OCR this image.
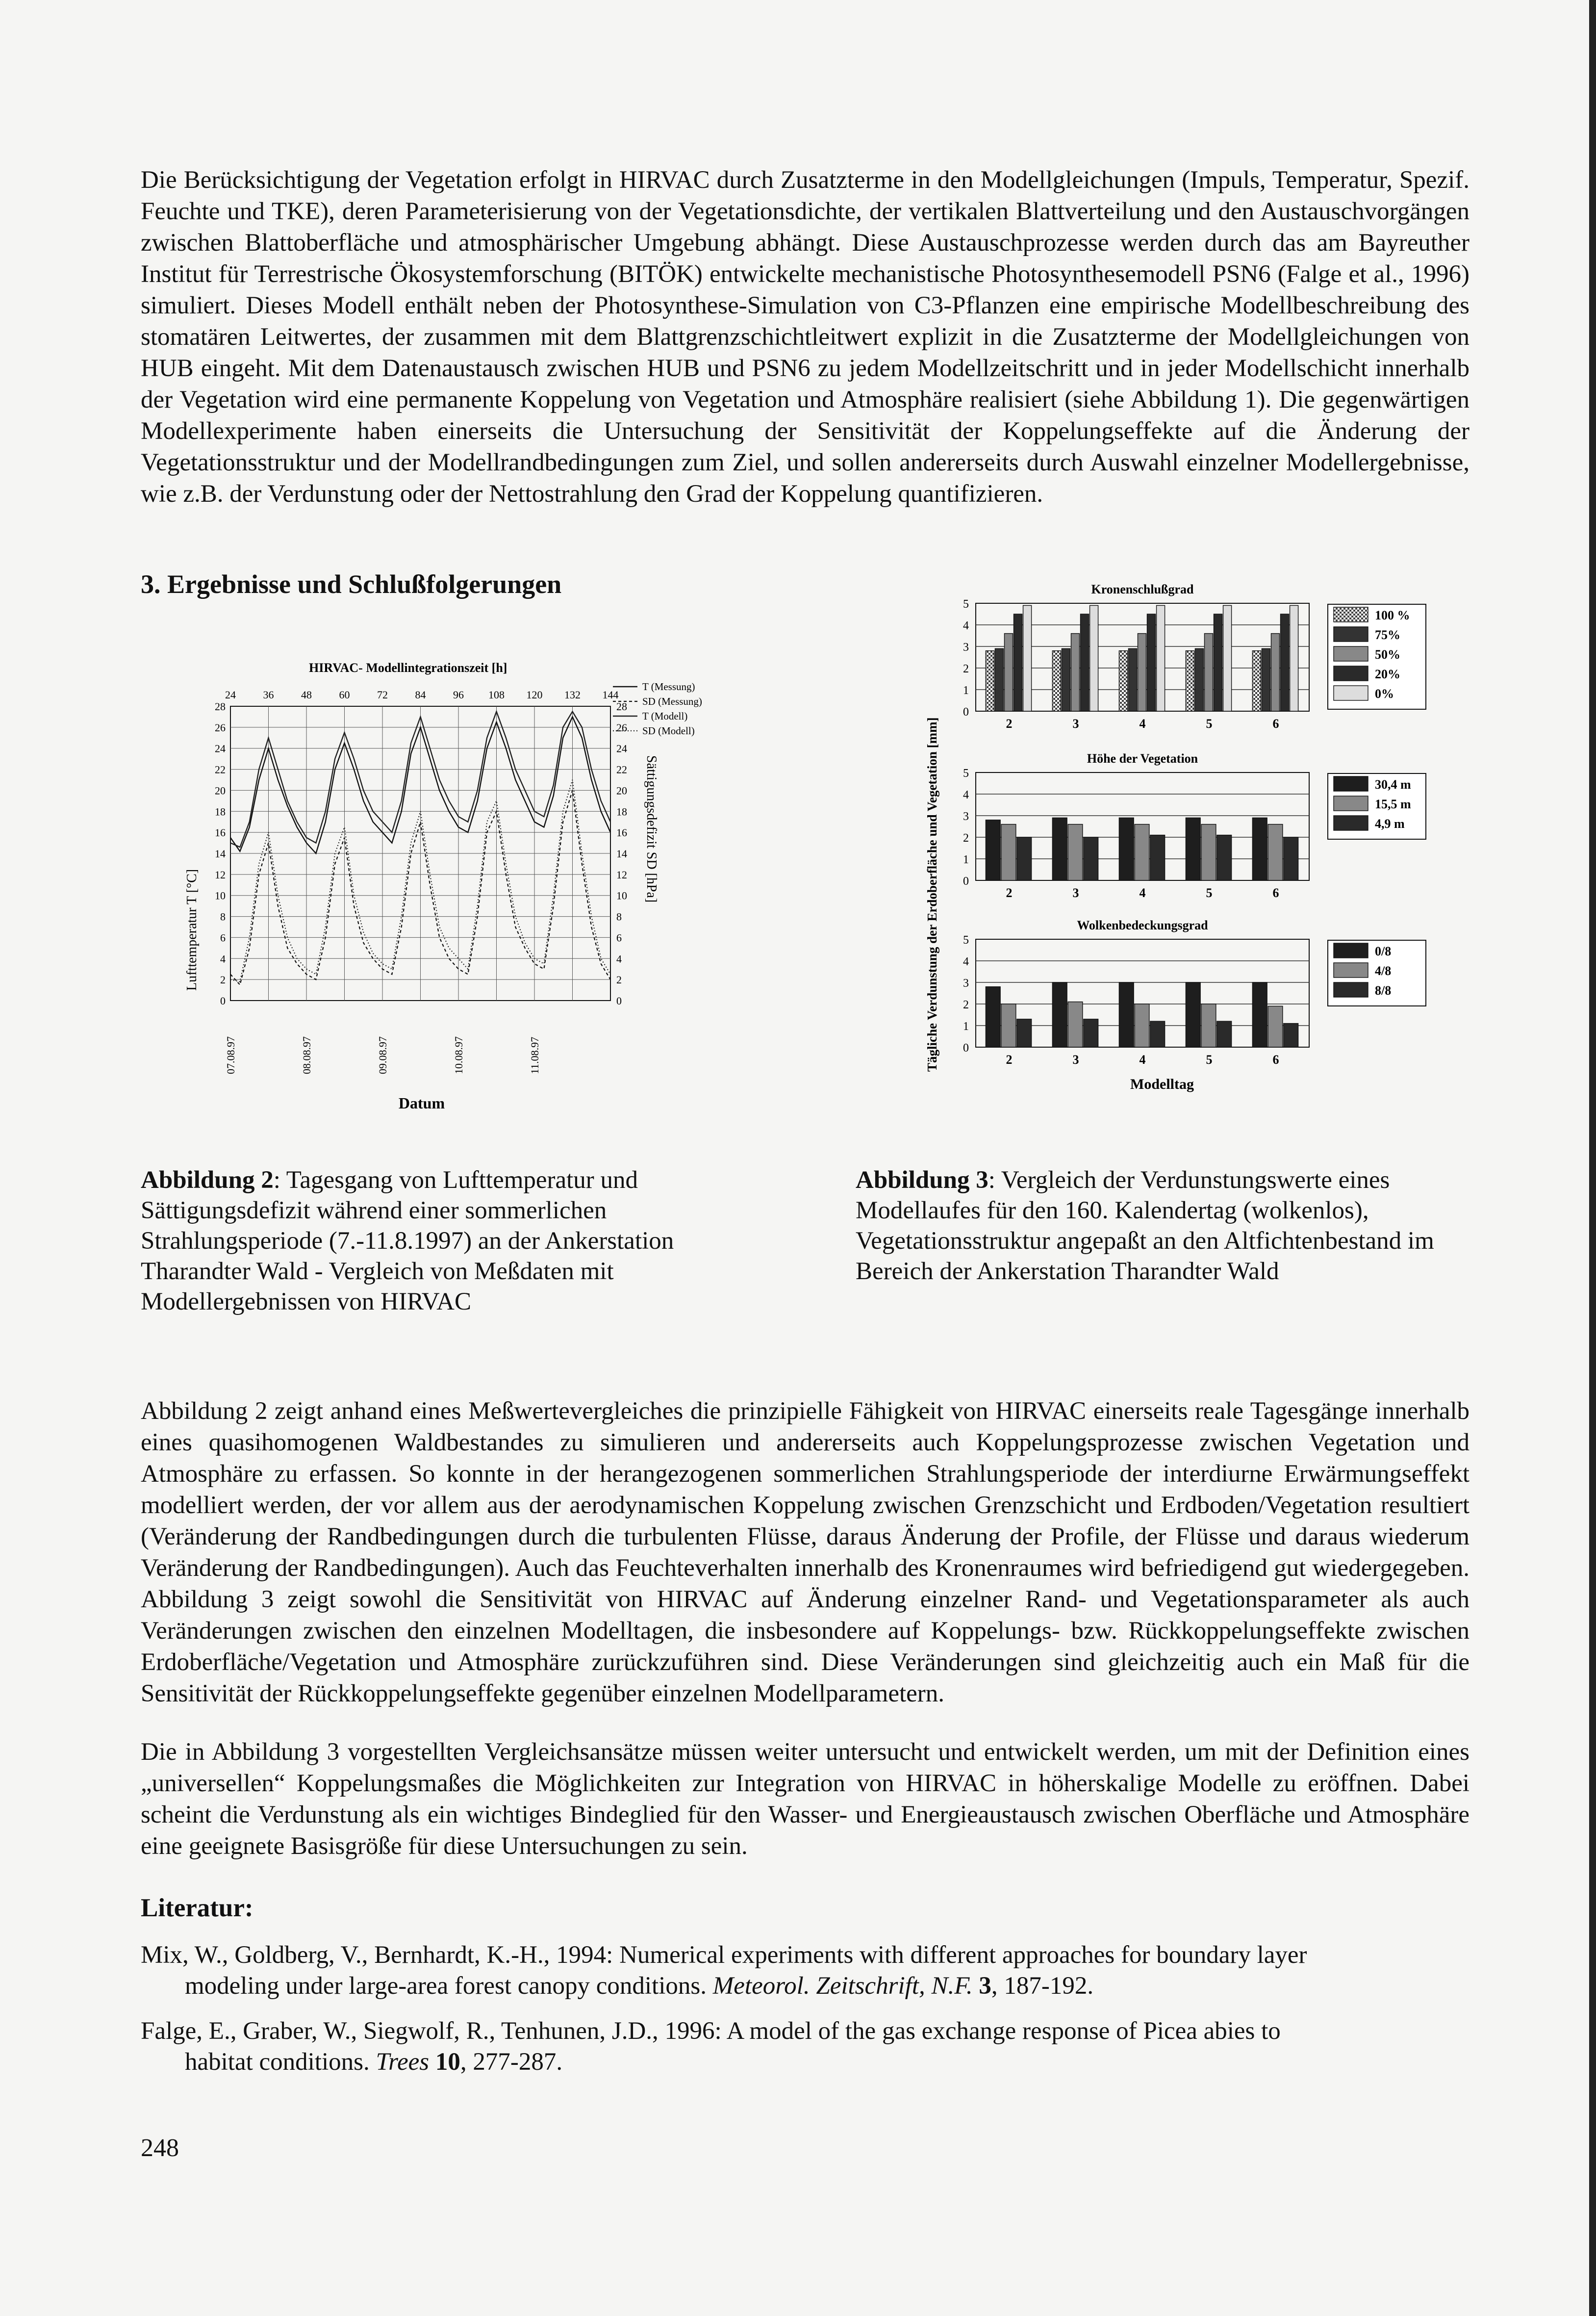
Die Berücksichtigung der Vegetation erfolgt in HIRVAC durch Zusatzterme in den Modellgleichungen (Impuls, Temperatur, Spezif. Feuchte und TKE), deren Parameterisierung von der Vegetationsdichte, der vertikalen Blattverteilung und den Austauschvorgängen zwischen Blattoberfläche und atmosphärischer Umgebung abhängt. Diese Austauschprozesse werden durch das am Bayreuther Institut für Terrestrische Ökosystemforschung (BITÖK) entwickelte mechanistische Photosynthesemodell PSN6 (Falge et al., 1996) simuliert. Dieses Modell enthält neben der Photosynthese-Simulation von C3-Pflanzen eine empirische Modellbeschreibung des stomatären Leitwertes, der zusammen mit dem Blattgrenzschichtleitwert explizit in die Zusatzterme der Modellgleichungen von HUB eingeht. Mit dem Datenaustausch zwischen HUB und PSN6 zu jedem Modellzeitschritt und in jeder Modellschicht innerhalb der Vegetation wird eine permanente Koppelung von Vegetation und Atmosphäre realisiert (siehe Abbildung 1). Die gegenwärtigen Modellexperimente haben einerseits die Untersuchung der Sensitivität der Koppelungseffekte auf die Änderung der Vegetationsstruktur und der Modellrandbedingungen zum Ziel, und sollen andererseits durch Auswahl einzelner Modellergebnisse, wie z.B. der Verdunstung oder der Nettostrahlung den Grad der Koppelung quantifizieren.

3. Ergebnisse und Schlußfolgerungen
HIRVAC- Modellintegrationszeit [h]
0	0
2	2
4	4
6	6
8	8
10	10
12	12
14	14
16	16
18	18
20	20
22	22
24	24
26	26
28	28
24	36	48	60	72	84	96 108 120 132 144
T (Messung)
SD (Messung)
T (Modell)
SD (Modell)
07.08.97	08.08.97	09.08.97	10.08.97	11.08.97
Datum
Lufttemperatur T [°C]
Sättigungsdefizit SD [hPa]
Kronenschlußgrad
0
1
2
3
4
5
2	3	4	5	6
100 %
75%
50%
20%
0%
Höhe der Vegetation
0
1
2
3
4
5
2	3	4	5	6
30,4 m
15,5 m
4,9 m
Wolkenbedeckungsgrad
0
1
2
3
4
5
2	3	4	5	6
0/8
4/8
8/8
Modelltag
Tägliche Verdunstung der Erdoberfläche und Vegetation [mm]

Abbildung 2: Tagesgang von Lufttemperatur und Sättigungsdefizit während einer sommerlichen Strahlungsperiode (7.-11.8.1997) an der Ankerstation Tharandter Wald - Vergleich von Meßdaten mit Modellergebnissen von HIRVAC

Abbildung 3: Vergleich der Verdunstungswerte eines Modellaufes für den 160. Kalendertag (wolkenlos), Vegetationsstruktur angepaßt an den Altfichtenbestand im Bereich der Ankerstation Tharandter Wald

Abbildung 2 zeigt anhand eines Meßwertevergleiches die prinzipielle Fähigkeit von HIRVAC einerseits reale Tagesgänge innerhalb eines quasihomogenen Waldbestandes zu simulieren und andererseits auch Koppelungsprozesse zwischen Vegetation und Atmosphäre zu erfassen. So konnte in der herangezogenen sommerlichen Strahlungsperiode der interdiurne Erwärmungseffekt modelliert werden, der vor allem aus der aerodynamischen Koppelung zwischen Grenzschicht und Erdboden/Vegetation resultiert (Veränderung der Randbedingungen durch die turbulenten Flüsse, daraus Änderung der Profile, der Flüsse und daraus wiederum Veränderung der Randbedingungen). Auch das Feuchteverhalten innerhalb des Kronenraumes wird befriedigend gut wiedergegeben. Abbildung 3 zeigt sowohl die Sensitivität von HIRVAC auf Änderung einzelner Rand- und Vegetationsparameter als auch Veränderungen zwischen den einzelnen Modelltagen, die insbesondere auf Koppelungs- bzw. Rückkoppelungseffekte zwischen Erdoberfläche/Vegetation und Atmosphäre zurückzuführen sind. Diese Veränderungen sind gleichzeitig auch ein Maß für die Sensitivität der Rückkoppelungseffekte gegenüber einzelnen Modellparametern.

Die in Abbildung 3 vorgestellten Vergleichsansätze müssen weiter untersucht und entwickelt werden, um mit der Definition eines „universellen“ Koppelungsmaßes die Möglichkeiten zur Integration von HIRVAC in höherskalige Modelle zu eröffnen. Dabei scheint die Verdunstung als ein wichtiges Bindeglied für den Wasser- und Energieaustausch zwischen Oberfläche und Atmosphäre eine geeignete Basisgröße für diese Untersuchungen zu sein.

Literatur:
Mix, W., Goldberg, V., Bernhardt, K.-H., 1994: Numerical experiments with different approaches for boundary layer
modeling under large-area forest canopy conditions. Meteorol. Zeitschrift, N.F. 3, 187-192.
Falge, E., Graber, W., Siegwolf, R., Tenhunen, J.D., 1996: A model of the gas exchange response of Picea abies to
habitat conditions. Trees 10, 277-287.
248
